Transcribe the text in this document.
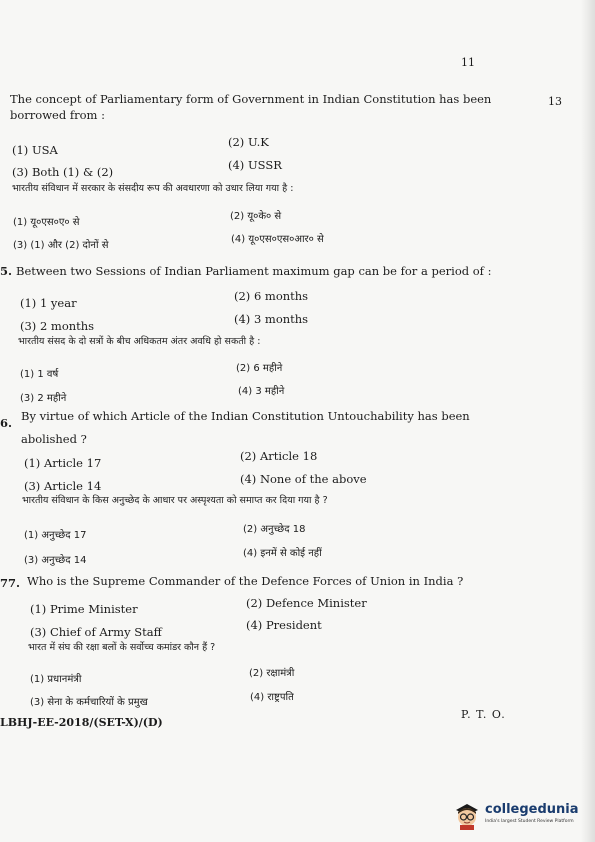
11
13
The concept of Parliamentary form of Government in Indian Constitution has been
borrowed from :
(1) USA
(2) U.K
(3) Both (1) & (2)	(4) USSR
भारतीय संविधान में सरकार के संसदीय रूप की अवधारणा को उधार लिया गया है :
(1) यू०एस०ए० से
(2) यू०के० से
(3) (1) और (2) दोनों से
(4) यू०एस०एस०आर० से
5. Between two Sessions of Indian Parliament maximum gap can be for a period of :
(1) 1 year	(2) 6 months
(3) 2 months	(4) 3 months
भारतीय संसद के दो सत्रों के बीच अधिकतम अंतर अवधि हो सकती है :
(1) 1 वर्ष
(2) 6 महीने
(3) 2 महीने
(4) 3 महीने
6. By virtue of which Article of the Indian Constitution Untouchability has been
abolished ?
(1) Article 17	(2) Article 18
(3) Article 14	(4) None of the above
भारतीय संविधान के किस अनुच्छेद के आधार पर अस्पृश्यता को समाप्त कर दिया गया है ?
(1) अनुच्छेद 17
(2) अनुच्छेद 18
(3) अनुच्छेद 14
(4) इनमें से कोई नहीं
77. Who is the Supreme Commander of the Defence Forces of Union in India ?
(1) Prime Minister	(2) Defence Minister
(3) Chief of Army Staff	(4) President
भारत में संघ की रक्षा बलों के सर्वोच्च कमांडर कौन हैं ?
(1) प्रधानमंत्री
(2) रक्षामंत्री
(3) सेना के कर्मचारियों के प्रमुख	(4) राष्ट्रपति
P. T. O.
LBHJ-EE-2018/(SET-X)/(D)
collegedunia
India's largest Student Review Platform
